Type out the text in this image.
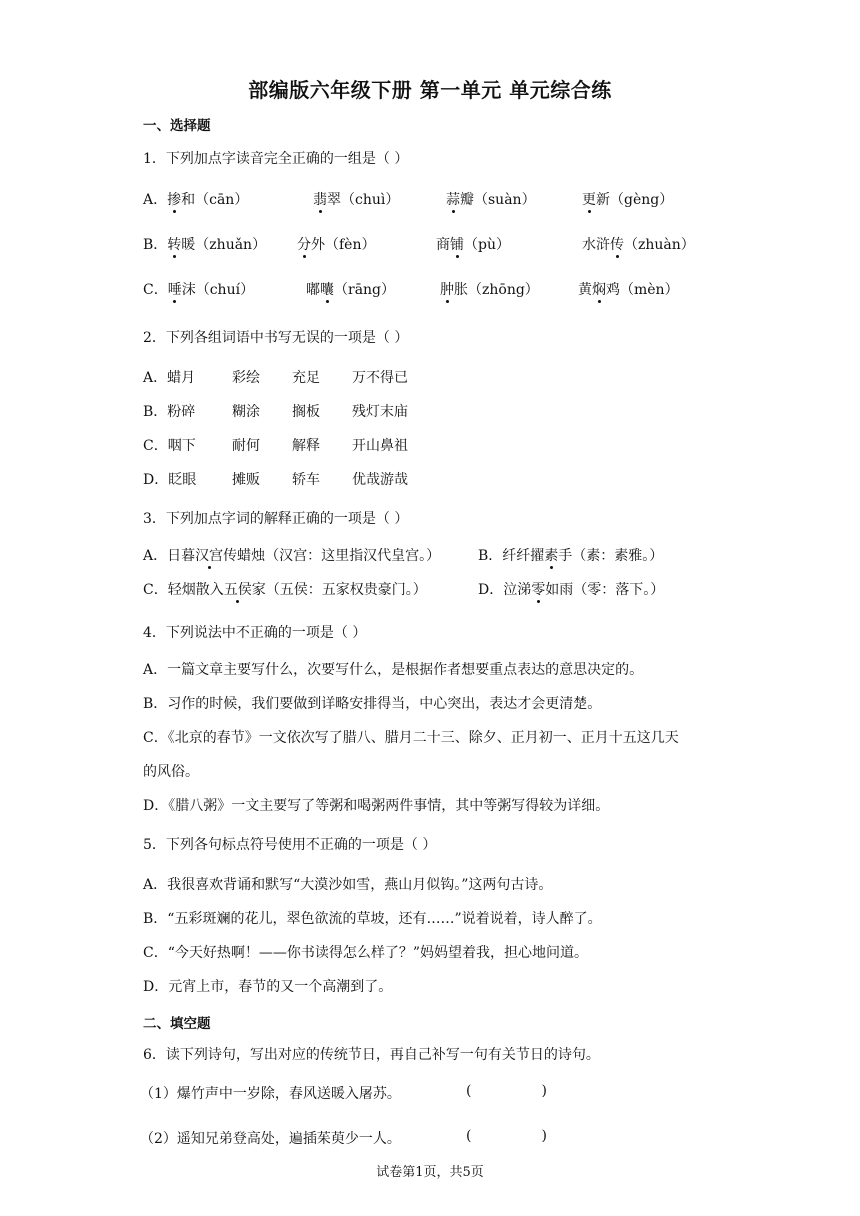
部编版六年级下册 第一单元 单元综合练
一、选择题
1．下列加点字读音完全正确的一组是（ ）
A．掺和（cān）	翡翠（chuì）	蒜瓣（suàn）	更新（gèng）
B．转暖（zhuǎn） 分外（fèn）	商铺（pù）	水浒传（zhuàn）
C．唾沫（chuí）	嘟囔（rāng）	肿胀（zhōng）	黄焖鸡（mèn）
2．下列各组词语中书写无误的一项是（ ）
A．蜡月	彩绘 充足 万不得已
B．粉碎	糊涂 搁板 残灯末庙
C．咽下	耐何 解释 开山鼻祖
D．眨眼	摊贩 轿车 优哉游哉
3．下列加点字词的解释正确的一项是（ ）
A．日暮汉宫传蜡烛（汉宫：这里指汉代皇宫。）	B．纤纤擢素手（素：素雅。）
C．轻烟散入五侯家（五侯：五家权贵豪门。）	D．泣涕零如雨（零：落下。）
4．下列说法中不正确的一项是（ ）
A．一篇文章主要写什么，次要写什么，是根据作者想要重点表达的意思决定的。
B．习作的时候，我们要做到详略安排得当，中心突出，表达才会更清楚。
C．《北京的春节》一文依次写了腊八、腊月二十三、除夕、正月初一、正月十五这几天
的风俗。
D．《腊八粥》一文主要写了等粥和喝粥两件事情，其中等粥写得较为详细。
5．下列各句标点符号使用不正确的一项是（ ）
A．我很喜欢背诵和默写“大漠沙如雪，燕山月似钩。”这两句古诗。
B．“五彩斑斓的花儿，翠色欲流的草坡，还有……”说着说着，诗人醉了。
C．“今天好热啊！——你书读得怎么样了？”妈妈望着我，担心地问道。
D．元宵上市，春节的又一个高潮到了。
二、填空题
6．读下列诗句，写出对应的传统节日，再自己补写一句有关节日的诗句。
（1）爆竹声中一岁除，春风送暖入屠苏。	(	)
（2）遥知兄弟登高处，遍插茱萸少一人。	(	)
试卷第1页，共5页
